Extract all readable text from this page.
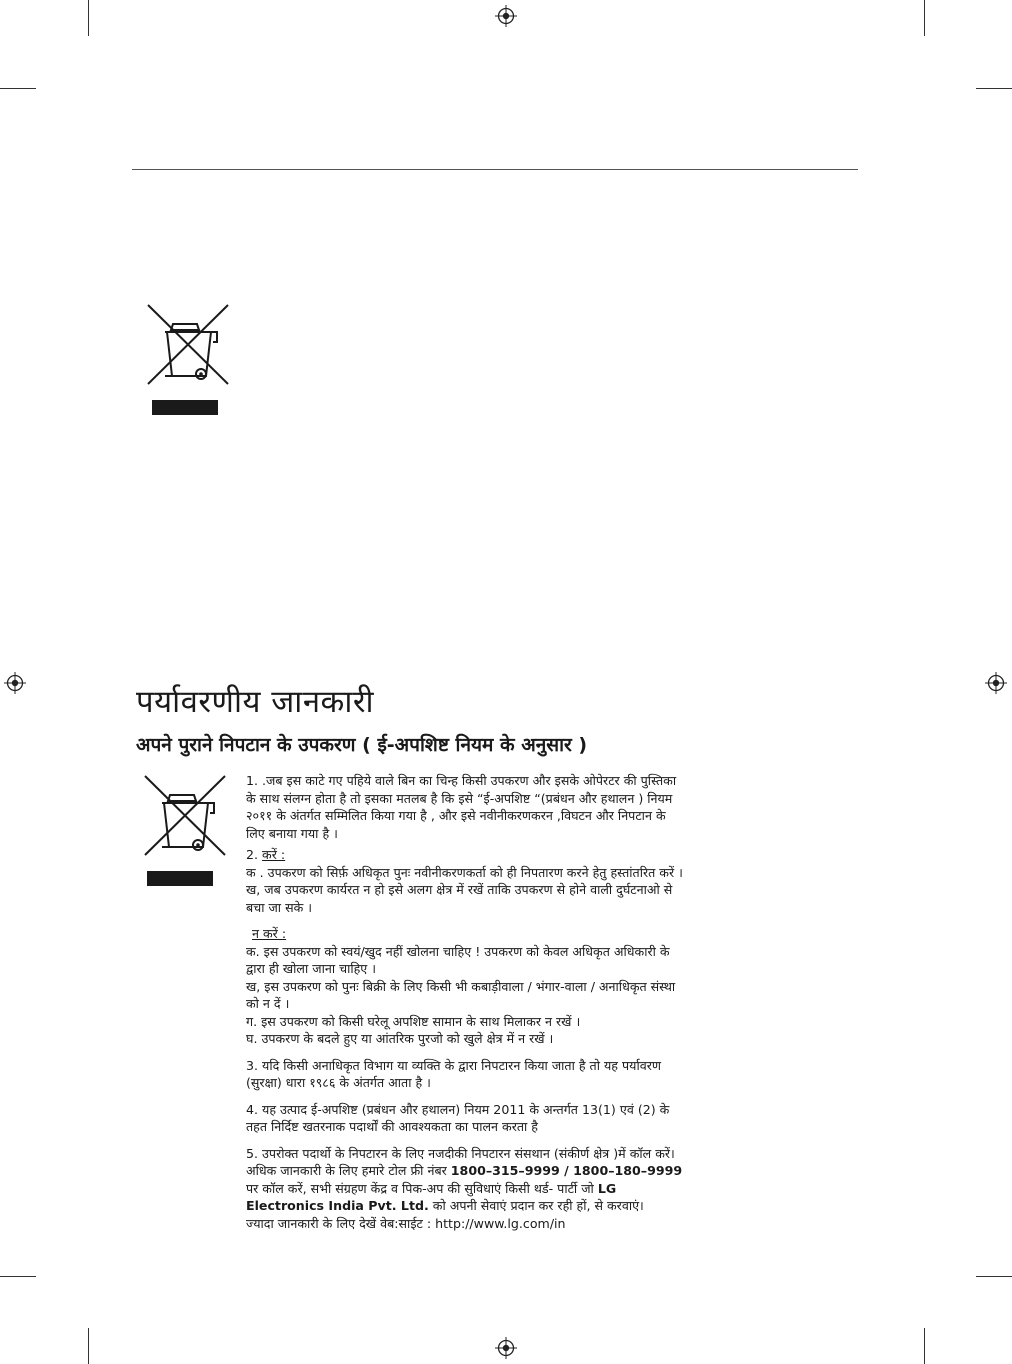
पर्यावरणीय जानकारी
अपने पुराने निपटान के उपकरण ( ई-अपशिष्ट नियम के अनुसार )

1. .जब इस काटे गए पहिये वाले बिन का चिन्ह किसी उपकरण और इसके ओपेरटर की पुस्तिका के साथ संलग्न होता है तो इसका मतलब है कि इसे “ई-अपशिष्ट “(प्रबंधन और हथालन ) नियम २०११ के अंतर्गत सम्मिलित किया गया है , और इसे नवीनीकरणकरन ,विघटन और निपटान के लिए बनाया गया है ।

2. करें :

क . उपकरण को सिर्फ़ अधिकृत पुनः नवीनीकरणकर्ता को ही निपतारण करने हेतु हस्तांतरित करें ।

ख, जब उपकरण कार्यरत न हो इसे अलग क्षेत्र में रखें ताकि उपकरण से होने वाली दुर्घटनाओ से बचा जा सके ।

न करें :

क. इस उपकरण को स्वयं/खुद नहीं खोलना चाहिए ! उपकरण को केवल अधिकृत अधिकारी के द्वारा ही खोला जाना चाहिए ।

ख, इस उपकरण को पुनः बिक्री के लिए किसी भी कबाड़ीवाला / भंगार-वाला / अनाधिकृत संस्था को न दें ।

ग. इस उपकरण को किसी घरेलू अपशिष्ट सामान के साथ मिलाकर न रखें ।

घ. उपकरण के बदले हुए या आंतरिक पुरजो को खुले क्षेत्र में न रखें ।

3. यदि किसी अनाधिकृत विभाग या व्यक्ति के द्वारा निपटारन किया जाता है तो यह पर्यावरण (सुरक्षा) धारा १९८६ के अंतर्गत आता है ।

4. यह उत्पाद ई-अपशिष्ट (प्रबंधन और हथालन) नियम 2011 के अन्तर्गत 13(1) एवं (2) के तहत निर्दिष्ट खतरनाक पदार्थों की आवश्यकता का पालन करता है

5. उपरोक्त पदार्थो के निपटारन के लिए नजदीकी निपटारन संसथान (संकीर्ण क्षेत्र )में कॉल करें। अधिक जानकारी के लिए हमारे टोल फ्री नंबर 1800–315–9999 / 1800–180–9999 पर कॉल करें, सभी संग्रहण केंद्र व पिक-अप की सुविधाएं किसी थर्ड- पार्टी जो LG Electronics India Pvt. Ltd. को अपनी सेवाएं प्रदान कर रही हों, से करवाएं।

ज्यादा जानकारी के लिए देखें वेब:साईट : http://www.lg.com/in
